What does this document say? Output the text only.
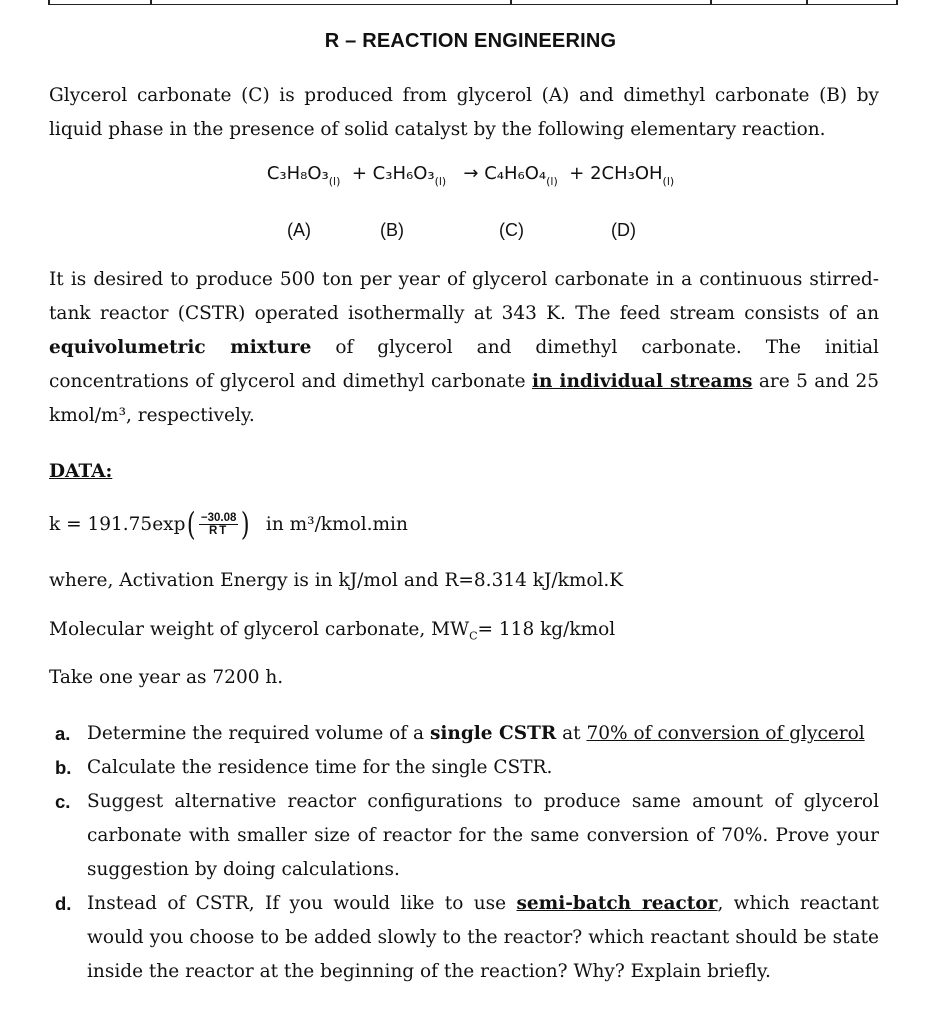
R – REACTION ENGINEERING
Glycerol carbonate (C) is produced from glycerol (A) and dimethyl carbonate (B) by liquid phase in the presence of solid catalyst by the following elementary reaction.
$C_3H_8O_3_{(l)} + C_3H_6O_3_{(l)} \to C_4H_6O_4_{(l)} + 2CH_3OH_{(l)}$
(A)	(B)	(C)	(D)
It is desired to produce 500 ton per year of glycerol carbonate in a continuous stirred-tank reactor (CSTR) operated isothermally at 343 K. The feed stream consists of an equivolumetric mixture of glycerol and dimethyl carbonate. The initial concentrations of glycerol and dimethyl carbonate in individual streams are 5 and 25 kmol/m³, respectively.
DATA:
k = 191.75exp ( $\frac{-30.08}{RT}$ ) in m³/kmol.min
where, Activation Energy is in kJ/mol and R=8.314 kJ/kmol.K
Molecular weight of glycerol carbonate, $MW_C= 118$ kg/kmol
Take one year as 7200 h.
a. Determine the required volume of a single CSTR at 70% of conversion of glycerol
b. Calculate the residence time for the single CSTR.
c. Suggest alternative reactor configurations to produce same amount of glycerol carbonate with smaller size of reactor for the same conversion of 70%. Prove your suggestion by doing calculations.
d. Instead of CSTR, If you would like to use semi-batch reactor, which reactant would you choose to be added slowly to the reactor? which reactant should be state inside the reactor at the beginning of the reaction? Why? Explain briefly.
